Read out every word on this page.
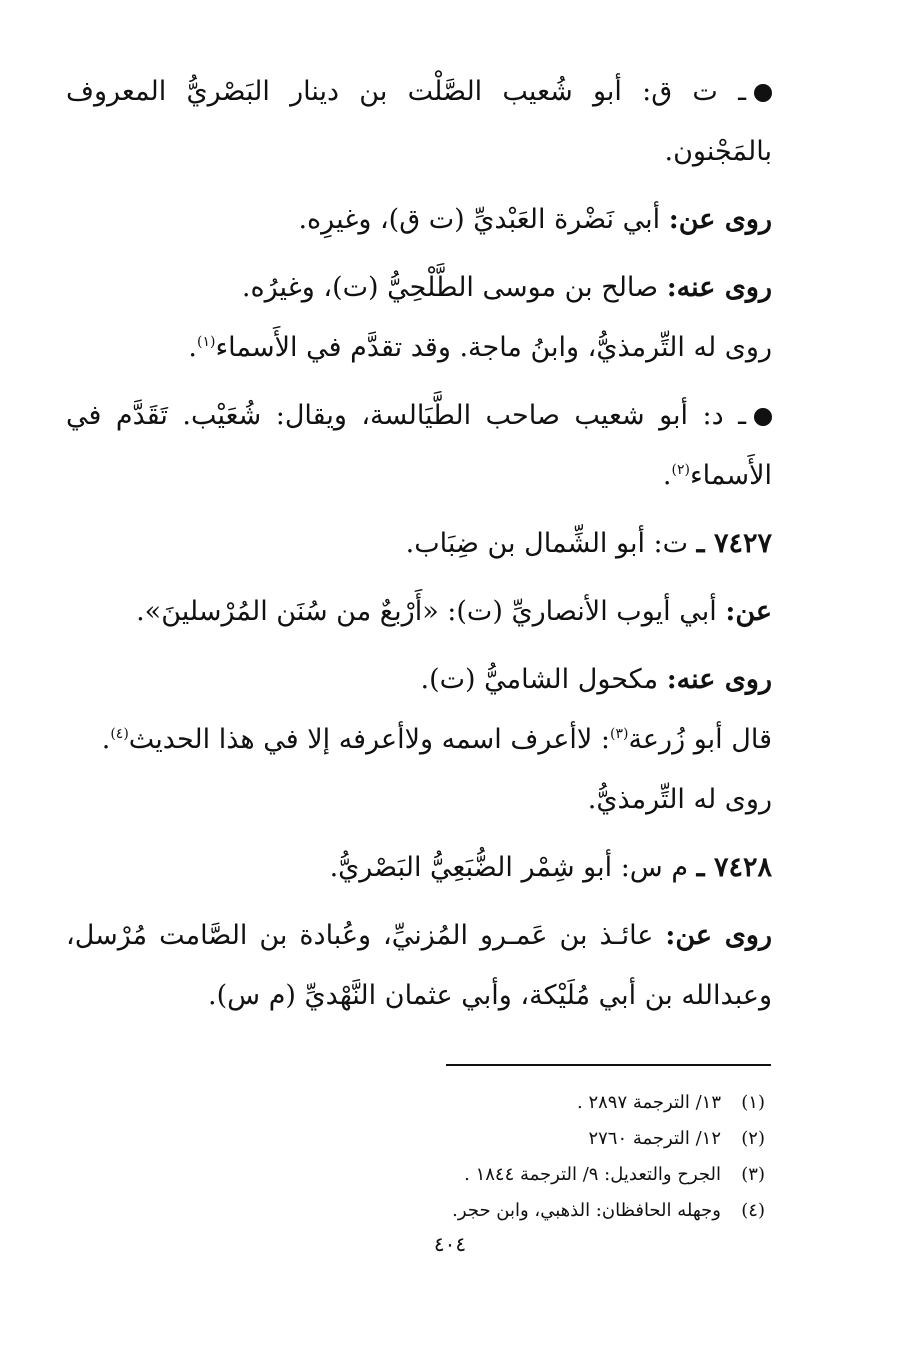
ـ ت ق: أبو شُعيب الصَّلْت بن دينار البَصْريُّ المعروف بالمَجْنون.

روى عن: أبي نَضْرة العَبْديِّ (ت ق)، وغيرِه.

روى عنه: صالح بن موسى الطَّلْحِيُّ (ت)، وغيرُه.

روى له التِّرمذيُّ، وابنُ ماجة. وقد تقدَّم في الأَسماء$^{(١)}$.

ـ د: أبو شعيب صاحب الطَّيَالسة، ويقال: شُعَيْب. تَقَدَّم في الأَسماء$^{(٢)}$.

٧٤٢٧ ـ ت: أبو الشِّمال بن ضِبَاب.

عن: أبي أيوب الأنصاريِّ (ت): «أَرْبعٌ من سُنَن المُرْسلينَ».

روى عنه: مكحول الشاميُّ (ت).

قال أبو زُرعة$^{(٣)}$: لاأعرف اسمه ولاأعرفه إلا في هذا الحديث$^{(٤)}$.

روى له التِّرمذيُّ.

٧٤٢٨ ـ م س: أبو شِمْر الضُّبَعِيُّ البَصْريُّ.

روى عن: عائـذ بن عَمـرو المُزنيِّ، وعُبادة بن الصَّامت مُرْسل، وعبدالله بن أبي مُلَيْكة، وأبي عثمان النَّهْديِّ (م س).

(١)١٣/ الترجمة ٢٨٩٧ .
(٢)١٢/ الترجمة ٢٧٦٠
(٣)الجرح والتعديل: ٩/ الترجمة ١٨٤٤ .
(٤)وجهله الحافظان: الذهبي، وابن حجر.
٤٠٤
